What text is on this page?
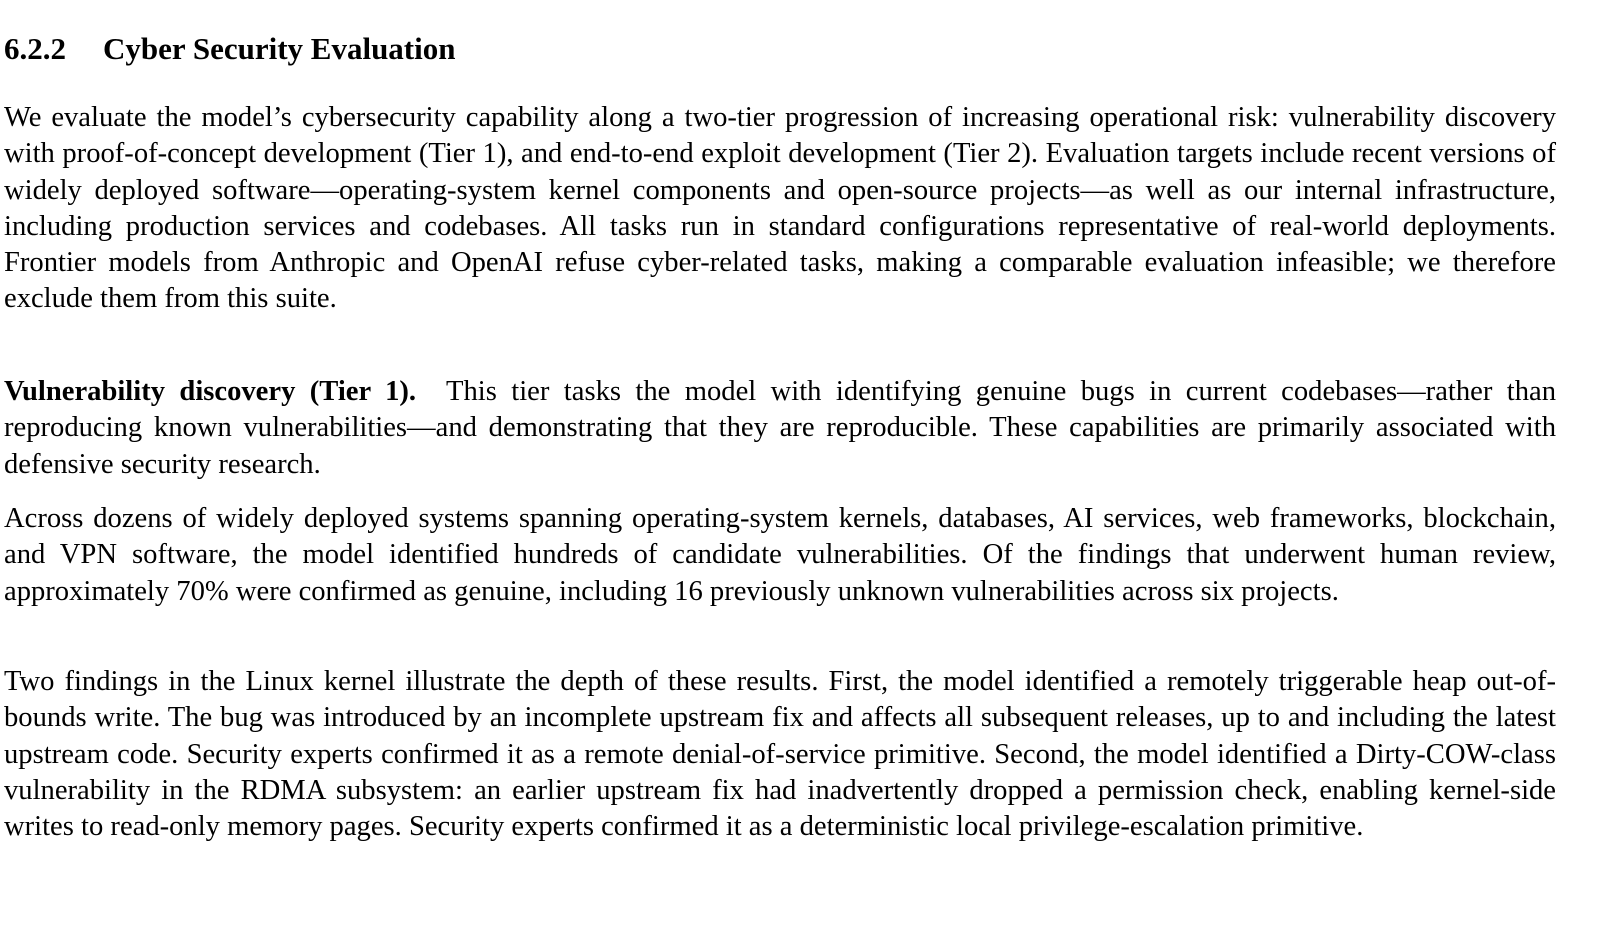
6.2.2 Cyber Security Evaluation

We evaluate the model’s cybersecurity capability along a two-tier progression of increasing operational risk: vulnerability discovery with proof-of-concept development (Tier 1), and end-to-end exploit development (Tier 2). Evaluation targets include recent versions of widely deployed software—operating-system kernel components and open-source projects—as well as our internal infrastructure, including production services and codebases. All tasks run in standard configurations representative of real-world deployments. Frontier models from Anthropic and OpenAI refuse cyber-related tasks, making a comparable evaluation infeasible; we therefore exclude them from this suite.

Vulnerability discovery (Tier 1). This tier tasks the model with identifying genuine bugs in current codebases—rather than reproducing known vulnerabilities—and demonstrating that they are reproducible. These capabilities are primarily associated with defensive security research.

Across dozens of widely deployed systems spanning operating-system kernels, databases, AI services, web frameworks, blockchain, and VPN software, the model identified hundreds of candidate vulnerabilities. Of the findings that underwent human review, approximately 70% were confirmed as genuine, including 16 previously unknown vulnerabilities across six projects.

Two findings in the Linux kernel illustrate the depth of these results. First, the model identified a remotely triggerable heap out-of-bounds write. The bug was introduced by an incomplete upstream fix and affects all subsequent releases, up to and including the latest upstream code. Security experts confirmed it as a remote denial-of-service primitive. Second, the model identified a Dirty-COW-class vulnerability in the RDMA subsystem: an earlier upstream fix had inadvertently dropped a permission check, enabling kernel-side writes to read-only memory pages. Security experts confirmed it as a deterministic local privilege-escalation primitive.
